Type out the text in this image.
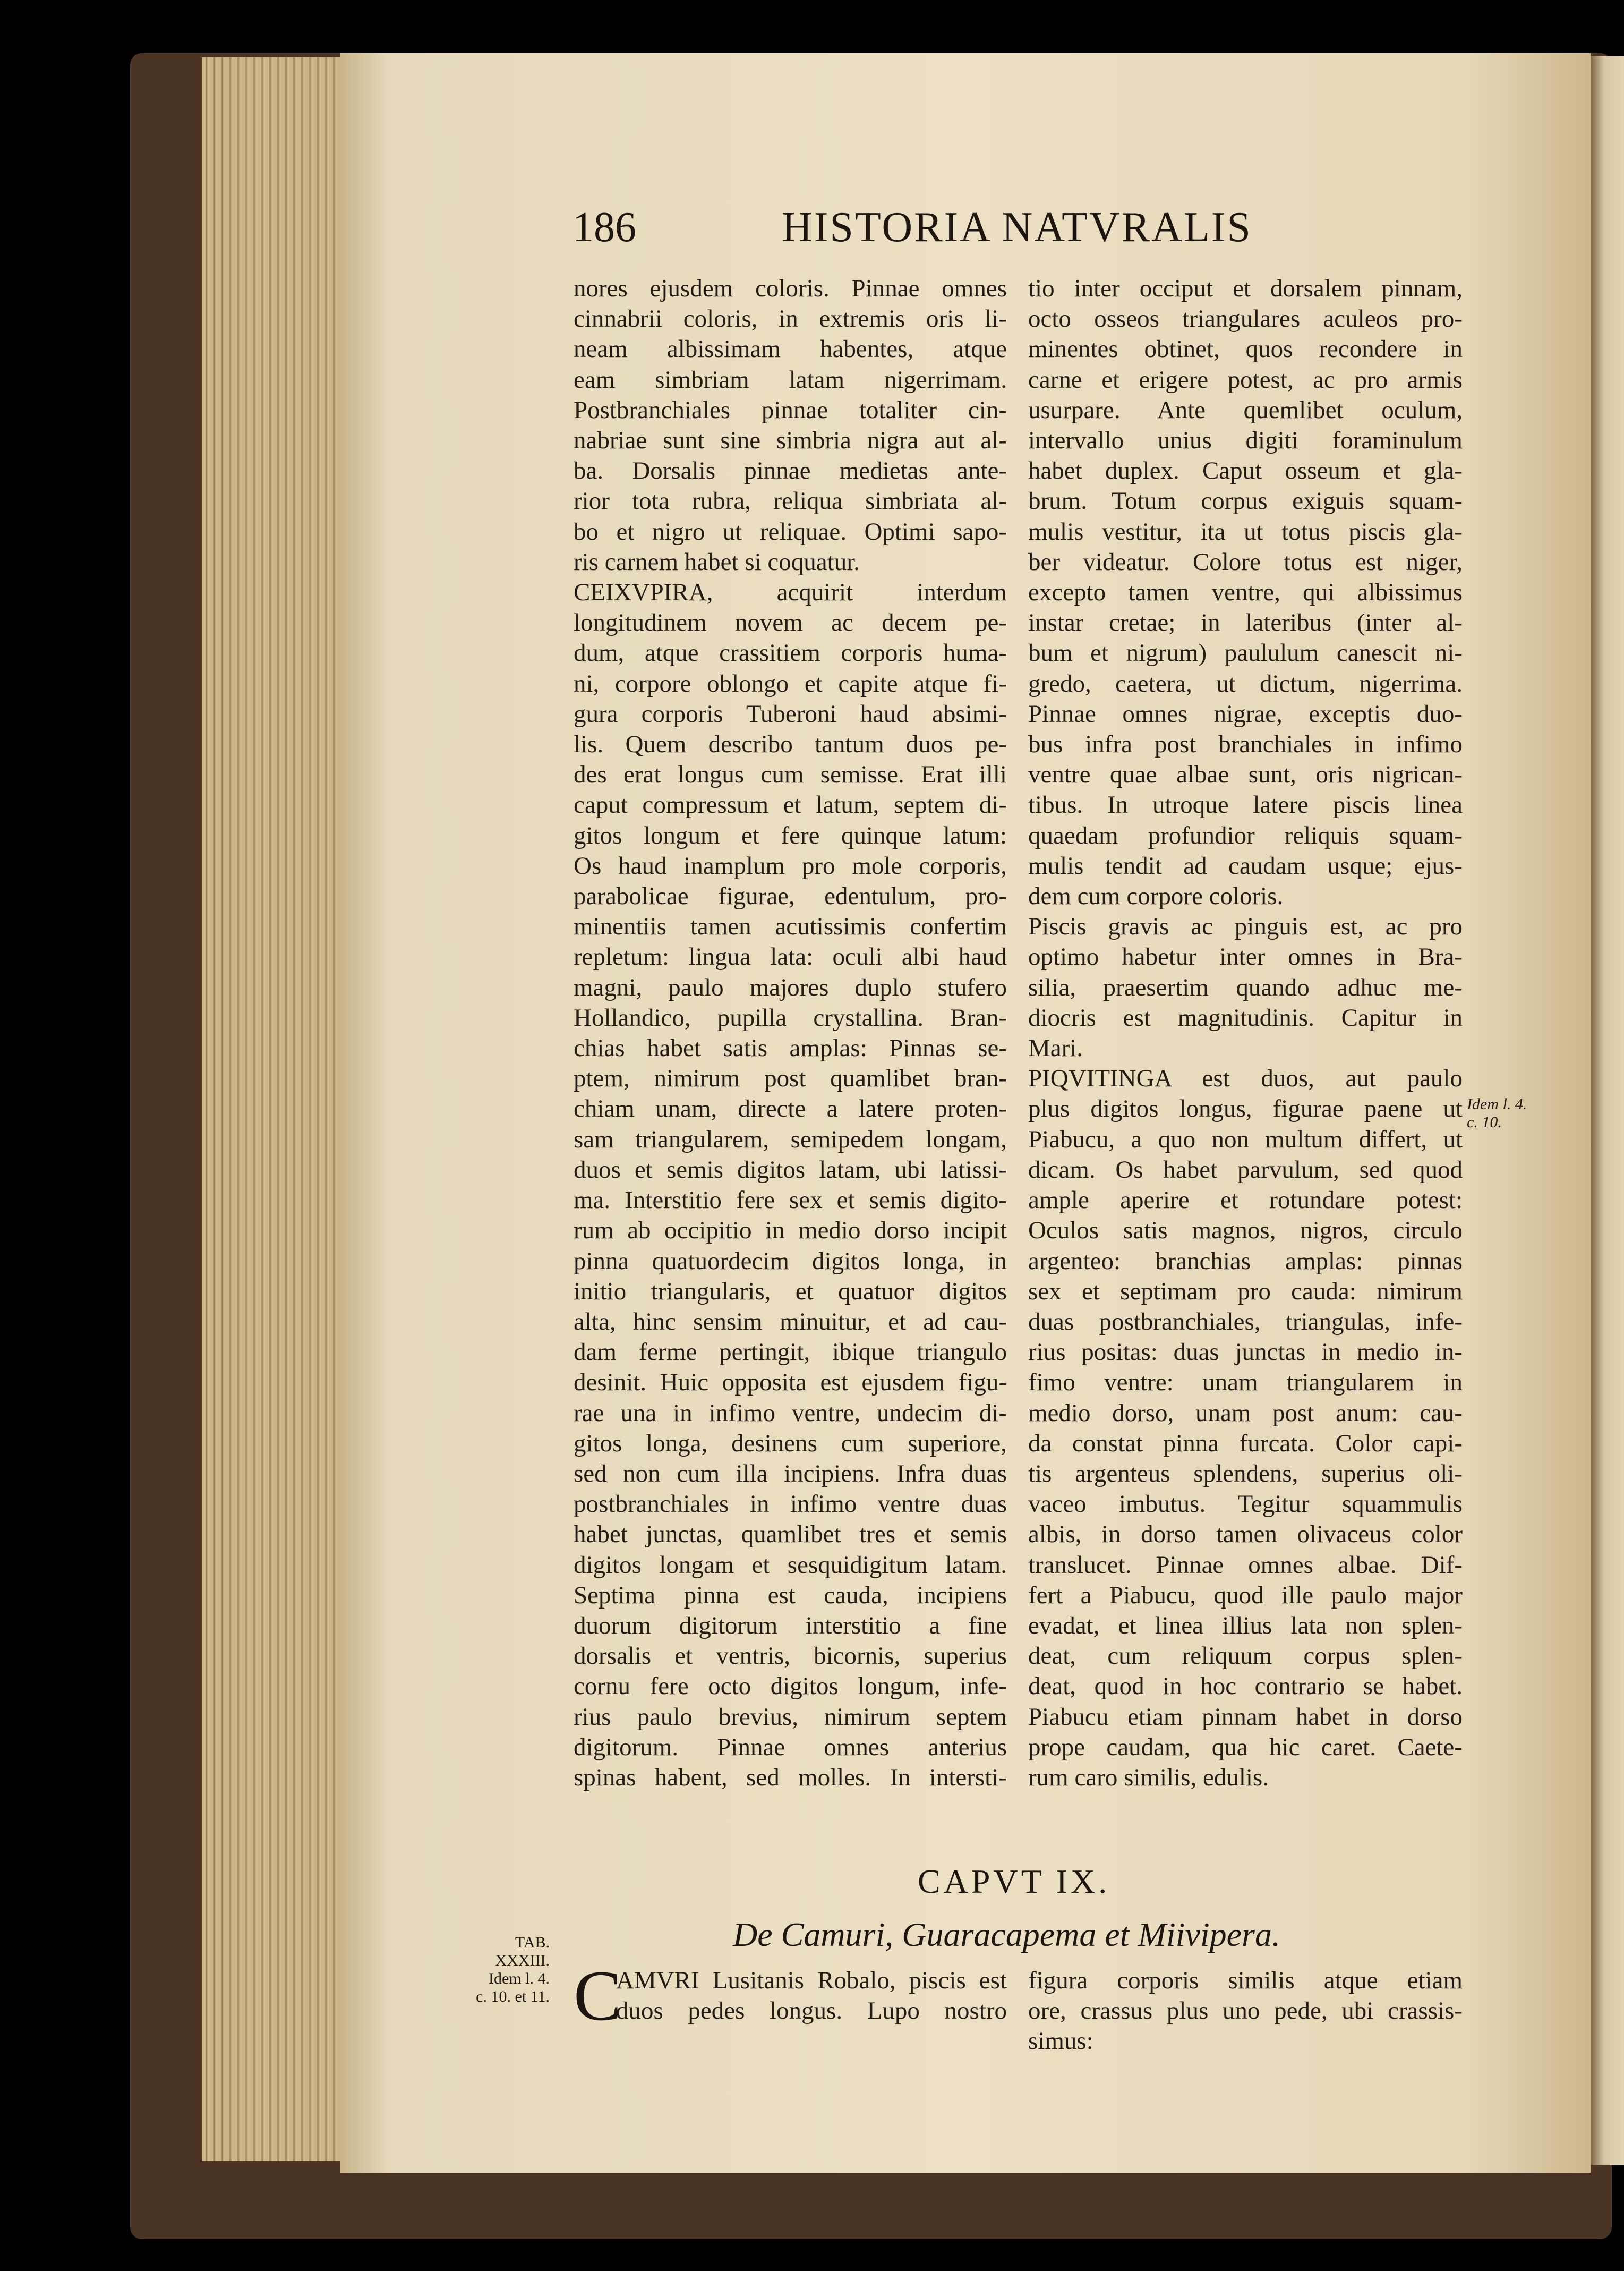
186	HISTORIA NATVRALIS
nores ejusdem coloris. Pinnae omnes
cinnabrii coloris, in extremis oris li-
neam albissimam habentes, atque
eam simbriam latam nigerrimam.
Postbranchiales pinnae totaliter cin-
nabriae sunt sine simbria nigra aut al-
ba. Dorsalis pinnae medietas ante-
rior tota rubra, reliqua simbriata al-
bo et nigro ut reliquae. Optimi sapo-
ris carnem habet si coquatur.
CEIXVPIRA, acquirit interdum
longitudinem novem ac decem pe-
dum, atque crassitiem corporis huma-
ni, corpore oblongo et capite atque fi-
gura corporis Tuberoni haud absimi-
lis. Quem describo tantum duos pe-
des erat longus cum semisse. Erat illi
caput compressum et latum, septem di-
gitos longum et fere quinque latum:
Os haud inamplum pro mole corporis,
parabolicae figurae, edentulum, pro-
minentiis tamen acutissimis confertim
repletum: lingua lata: oculi albi haud
magni, paulo majores duplo stufero
Hollandico, pupilla crystallina. Bran-
chias habet satis amplas: Pinnas se-
ptem, nimirum post quamlibet bran-
chiam unam, directe a latere proten-
sam triangularem, semipedem longam,
duos et semis digitos latam, ubi latissi-
ma. Interstitio fere sex et semis digito-
rum ab occipitio in medio dorso incipit
pinna quatuordecim digitos longa, in
initio triangularis, et quatuor digitos
alta, hinc sensim minuitur, et ad cau-
dam ferme pertingit, ibique triangulo
desinit. Huic opposita est ejusdem figu-
rae una in infimo ventre, undecim di-
gitos longa, desinens cum superiore,
sed non cum illa incipiens. Infra duas
postbranchiales in infimo ventre duas
habet junctas, quamlibet tres et semis
digitos longam et sesquidigitum latam.
Septima pinna est cauda, incipiens
duorum digitorum interstitio a fine
dorsalis et ventris, bicornis, superius
cornu fere octo digitos longum, infe-
rius paulo brevius, nimirum septem
digitorum. Pinnae omnes anterius
spinas habent, sed molles. In intersti-
tio inter occiput et dorsalem pinnam,
octo osseos triangulares aculeos pro-
minentes obtinet, quos recondere in
carne et erigere potest, ac pro armis
usurpare. Ante quemlibet oculum,
intervallo unius digiti foraminulum
habet duplex. Caput osseum et gla-
brum. Totum corpus exiguis squam-
mulis vestitur, ita ut totus piscis gla-
ber videatur. Colore totus est niger,
excepto tamen ventre, qui albissimus
instar cretae; in lateribus (inter al-
bum et nigrum) paululum canescit ni-
gredo, caetera, ut dictum, nigerrima.
Pinnae omnes nigrae, exceptis duo-
bus infra post branchiales in infimo
ventre quae albae sunt, oris nigrican-
tibus. In utroque latere piscis linea
quaedam profundior reliquis squam-
mulis tendit ad caudam usque; ejus-
dem cum corpore coloris.
Piscis gravis ac pinguis est, ac pro
optimo habetur inter omnes in Bra-
silia, praesertim quando adhuc me-
diocris est magnitudinis. Capitur in
Mari.
PIQVITINGA est duos, aut paulo
plus digitos longus, figurae paene ut
Piabucu, a quo non multum differt, ut
dicam. Os habet parvulum, sed quod
ample aperire et rotundare potest:
Oculos satis magnos, nigros, circulo
argenteo: branchias amplas: pinnas
sex et septimam pro cauda: nimirum
duas postbranchiales, triangulas, infe-
rius positas: duas junctas in medio in-
fimo ventre: unam triangularem in
medio dorso, unam post anum: cau-
da constat pinna furcata. Color capi-
tis argenteus splendens, superius oli-
vaceo imbutus. Tegitur squammulis
albis, in dorso tamen olivaceus color
translucet. Pinnae omnes albae. Dif-
fert a Piabucu, quod ille paulo major
evadat, et linea illius lata non splen-
deat, cum reliquum corpus splen-
deat, quod in hoc contrario se habet.
Piabucu etiam pinnam habet in dorso
prope caudam, qua hic caret. Caete-
rum caro similis, edulis.
Idem l. 4.
c. 10.
TAB.
XXXIII.
Idem l. 4.
c. 10. et 11.
CAPVT IX.
De Camuri, Guaracapema et Miivipera.
C
AMVRI Lusitanis Robalo, piscis est
duos pedes longus. Lupo nostro
figura corporis similis atque etiam
ore, crassus plus uno pede, ubi crassis-
simus:
